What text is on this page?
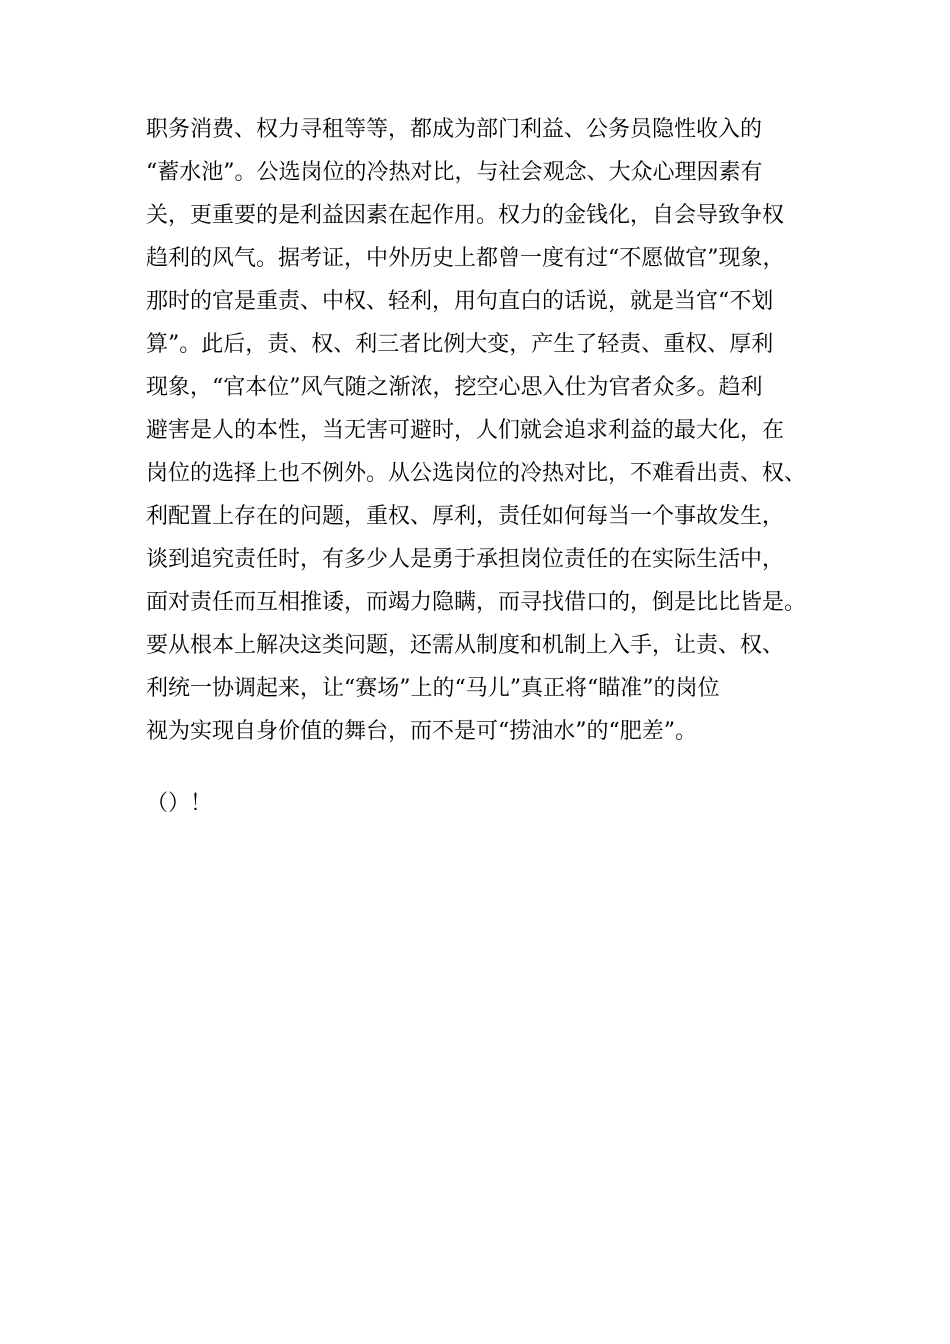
职务消费、权力寻租等等，都成为部门利益、公务员隐性收入的
“蓄水池”。公选岗位的冷热对比，与社会观念、大众心理因素有
关，更重要的是利益因素在起作用。权力的金钱化，自会导致争权
趋利的风气。据考证，中外历史上都曾一度有过“不愿做官”现象，
那时的官是重责、中权、轻利，用句直白的话说，就是当官“不划
算”。此后，责、权、利三者比例大变，产生了轻责、重权、厚利
现象，“官本位”风气随之渐浓，挖空心思入仕为官者众多。趋利
避害是人的本性，当无害可避时，人们就会追求利益的最大化，在
岗位的选择上也不例外。从公选岗位的冷热对比，不难看出责、权、
利配置上存在的问题，重权、厚利，责任如何每当一个事故发生，
谈到追究责任时，有多少人是勇于承担岗位责任的在实际生活中，
面对责任而互相推诿，而竭力隐瞒，而寻找借口的，倒是比比皆是。
要从根本上解决这类问题，还需从制度和机制上入手，让责、权、
利统一协调起来，让“赛场”上的“马儿”真正将“瞄准”的岗位
视为实现自身价值的舞台，而不是可“捞油水”的“肥差”。
（）！
